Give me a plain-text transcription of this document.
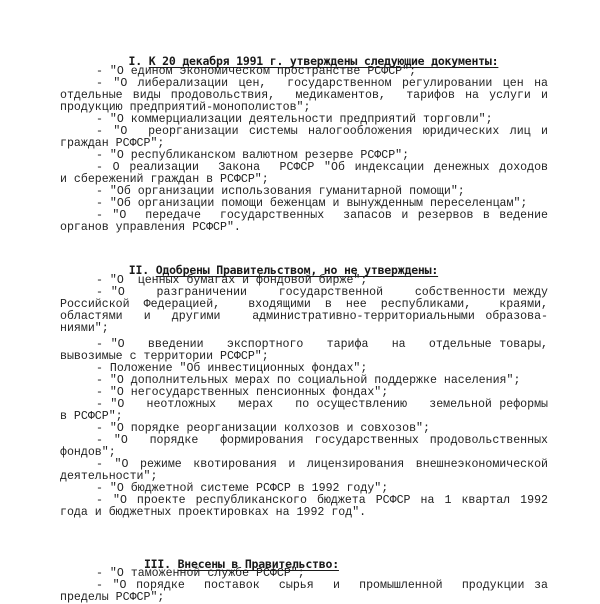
I. К 20 декабря 1991 г. утверждены следующие документы:

- "О едином экономическом пространстве РСФСР";
- "О либерализации цен,  государственном регулировании цен на
отдельные виды продовольствия,  медикаментов,  тарифов на услуги и
продукцию предприятий-монополистов";
- "О коммерциализации деятельности предприятий торговли";
- "О  реорганизации системы налогообложения юридических лиц и
граждан РСФСР";
- "О республиканском валютном резерве РСФСР";
- О реализации  Закона  РСФСР "Об индексации денежных доходов
и сбережений граждан в РСФСР";
- "Об организации использования гуманитарной помощи";
- "Об организации помощи беженцам и вынужденным переселенцам";
- "О  передаче  государственных  запасов и резервов в ведение
органов управления РСФСР".

II. Одобрены Правительством, но не утверждены:

- "О  ценных бумагах и фондовой бирже";
- "О    разграничении    государственной    собственности между
Российской Федерацией,  входящими в нее республиками,  краями,
областями  и  другими   административно-территориальными образова-
ниями";
- "О   введении   экспортного   тарифа   на   отдельные товары,
вывозимые с территории РСФСР";
- Положение "Об инвестиционных фондах";
- "О дополнительных мерах по социальной поддержке населения";
- "О негосударственных пенсионных фондах";
- "О   неотложных   мерах   по осуществлению   земельной реформы
в РСФСР";
- "О порядке реорганизации колхозов и совхозов";
- "О  порядке  формирования государственных продовольственных
фондов";
- "О режиме квотирования и лицензирования внешнеэкономической
деятельности";
- "О бюджетной системе РСФСР в 1992 году";
- "О проекте республиканского бюджета РСФСР на 1 квартал 1992
года и бюджетных проектировках на 1992 год".

III. Внесены в Правительство:

- "О таможенной службе РСФСР";
- "О порядке  поставок  сырья  и  промышленной  продукции за
пределы РСФСР";
